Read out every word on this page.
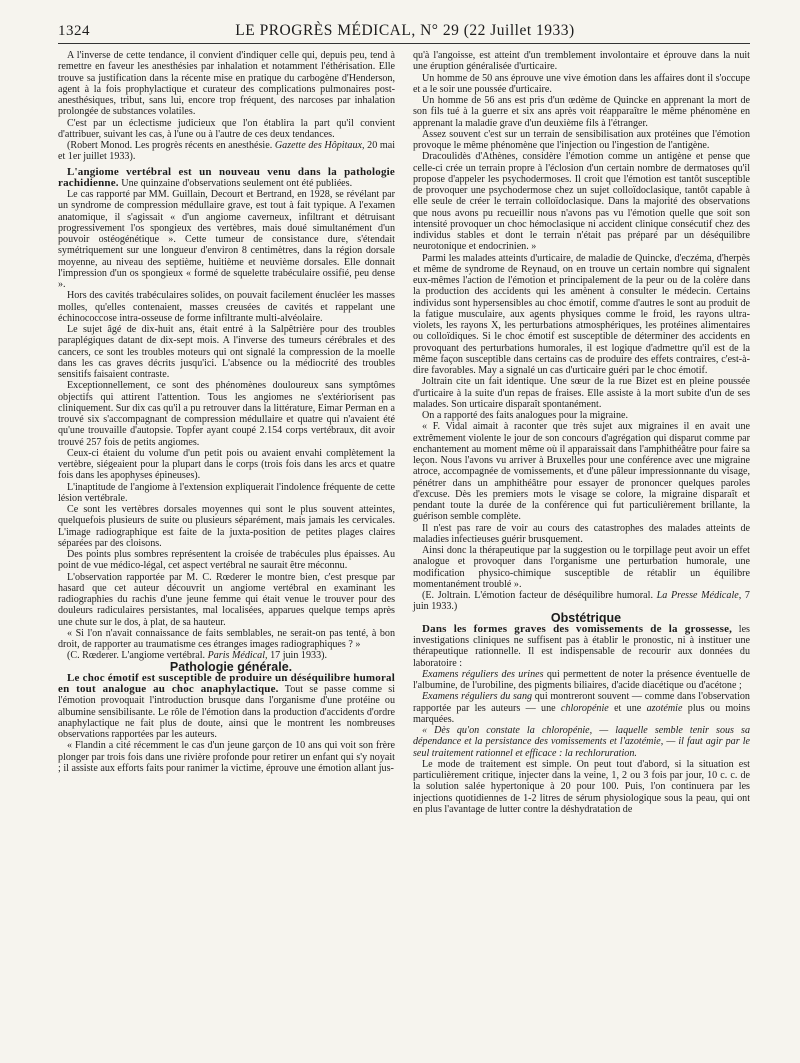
1324	LE PROGRÈS MÉDICAL, N° 29 (22 Juillet 1933)

A l'inverse de cette tendance, il convient d'indiquer celle qui, depuis peu, tend à remettre en faveur les anesthésies par inhalation et notamment l'éthérisation. Elle trouve sa justification dans la récente mise en pratique du carbogène d'Henderson, agent à la fois prophylactique et curateur des complications pulmonaires post-anesthésiques, tribut, sans lui, encore trop fréquent, des narcoses par inhalation prolongée de substances volatiles.

C'est par un éclectisme judicieux que l'on établira la part qu'il convient d'attribuer, suivant les cas, à l'une ou à l'autre de ces deux tendances.

(Robert Monod. Les progrès récents en anesthésie. Gazette des Hôpitaux, 20 mai et 1er juillet 1933).

L'angiome vertébral est un nouveau venu dans la pathologie rachidienne. Une quinzaine d'observations seulement ont été publiées.

Le cas rapporté par MM. Guillain, Decourt et Bertrand, en 1928, se révélant par un syndrome de compression médullaire grave, est tout à fait typique. A l'examen anatomique, il s'agissait « d'un angiome caverneux, infiltrant et détruisant progressivement l'os spongieux des vertèbres, mais doué simultanément d'un pouvoir ostéogénétique ». Cette tumeur de consistance dure, s'étendait symétriquement sur une longueur d'environ 8 centimètres, dans la région dorsale moyenne, au niveau des septième, huitième et neuvième dorsales. Elle donnait l'impression d'un os spongieux « formé de squelette trabéculaire ossifié, peu dense ».

Hors des cavités trabéculaires solides, on pouvait facilement énucléer les masses molles, qu'elles contenaient, masses creusées de cavités et rappelant une échinococcose intra-osseuse de forme infiltrante multi-alvéolaire.

Le sujet âgé de dix-huit ans, était entré à la Salpêtrière pour des troubles paraplégiques datant de dix-sept mois. A l'inverse des tumeurs cérébrales et des cancers, ce sont les troubles moteurs qui ont signalé la compression de la moelle dans les cas graves décrits jusqu'ici. L'absence ou la médiocrité des troubles sensitifs faisaient contraste.

Exceptionnellement, ce sont des phénomènes douloureux sans symptômes objectifs qui attirent l'attention. Tous les angiomes ne s'extériorisent pas cliniquement. Sur dix cas qu'il a pu retrouver dans la littérature, Eimar Perman en a trouvé six s'accompagnant de compression médullaire et quatre qui n'avaient été qu'une trouvaille d'autopsie. Topfer ayant coupé 2.154 corps vertébraux, dit avoir trouvé 257 fois de petits angiomes.

Ceux-ci étaient du volume d'un petit pois ou avaient envahi complètement la vertèbre, siégeaient pour la plupart dans le corps (trois fois dans les arcs et quatre fois dans les apophyses épineuses).

L'inaptitude de l'angiome à l'extension expliquerait l'indolence fréquente de cette lésion vertébrale.

Ce sont les vertèbres dorsales moyennes qui sont le plus souvent atteintes, quelquefois plusieurs de suite ou plusieurs séparément, mais jamais les cervicales. L'image radiographique est faite de la juxta-position de petites plages claires séparées par des cloisons.

Des points plus sombres représentent la croisée de trabécules plus épaisses. Au point de vue médico-légal, cet aspect vertébral ne saurait être méconnu.

L'observation rapportée par M. C. Rœderer le montre bien, c'est presque par hasard que cet auteur découvrit un angiome vertébral en examinant les radiographies du rachis d'une jeune femme qui était venue le trouver pour des douleurs radiculaires persistantes, mal localisées, apparues quelque temps après une chute sur le dos, à plat, de sa hauteur.

« Si l'on n'avait connaissance de faits semblables, ne serait-on pas tenté, à bon droit, de rapporter au traumatisme ces étranges images radiographiques ? »

(C. Rœderer. L'angiome vertébral. Paris Médical, 17 juin 1933).

Pathologie générale.

Le choc émotif est susceptible de produire un déséquilibre humoral en tout analogue au choc anaphylactique. Tout se passe comme si l'émotion provoquait l'introduction brusque dans l'organisme d'une protéine ou albumine sensibilisante. Le rôle de l'émotion dans la production d'accidents d'ordre anaphylactique ne fait plus de doute, ainsi que le montrent les nombreuses observations rapportées par les auteurs.

« Flandin a cité récemment le cas d'un jeune garçon de 10 ans qui voit son frère plonger par trois fois dans une rivière profonde pour retirer un enfant qui s'y noyait ; il assiste aux efforts faits pour ranimer la victime, éprouve une émotion allant jus-

qu'à l'angoisse, est atteint d'un tremblement involontaire et éprouve dans la nuit une éruption généralisée d'urticaire.

Un homme de 50 ans éprouve une vive émotion dans les affaires dont il s'occupe et a le soir une poussée d'urticaire.

Un homme de 56 ans est pris d'un œdème de Quincke en apprenant la mort de son fils tué à la guerre et six ans après voit réapparaître le même phénomène en apprenant la maladie grave d'un deuxième fils à l'étranger.

Assez souvent c'est sur un terrain de sensibilisation aux protéines que l'émotion provoque le même phénomène que l'injection ou l'ingestion de l'antigène.

Dracoulidès d'Athènes, considère l'émotion comme un antigène et pense que celle-ci crée un terrain propre à l'éclosion d'un certain nombre de dermatoses qu'il propose d'appeler les psychodermoses. Il croit que l'émotion est tantôt susceptible de provoquer une psychodermose chez un sujet colloïdoclasique, tantôt capable à elle seule de créer le terrain colloïdoclasique. Dans la majorité des observations que nous avons pu recueillir nous n'avons pas vu l'émotion quelle que soit son intensité provoquer un choc hémoclasique ni accident clinique consécutif chez des individus stables et dont le terrain n'était pas préparé par un déséquilibre neurotonique et endocrinien. »

Parmi les malades atteints d'urticaire, de maladie de Quincke, d'eczéma, d'herpès et même de syndrome de Reynaud, on en trouve un certain nombre qui signalent eux-mêmes l'action de l'émotion et principalement de la peur ou de la colère dans la production des accidents qui les amènent à consulter le médecin. Certains individus sont hypersensibles au choc émotif, comme d'autres le sont au produit de la fatigue musculaire, aux agents physiques comme le froid, les rayons ultra-violets, les rayons X, les perturbations atmosphériques, les protéines alimentaires ou colloïdiques. Si le choc émotif est susceptible de déterminer des accidents en provoquant des perturbations humorales, il est logique d'admettre qu'il est de la même façon susceptible dans certains cas de produire des effets contraires, c'est-à-dire favorables. May a signalé un cas d'urticaire guéri par le choc émotif.

Joltrain cite un fait identique. Une sœur de la rue Bizet est en pleine poussée d'urticaire à la suite d'un repas de fraises. Elle assiste à la mort subite d'un de ses malades. Son urticaire disparaît spontanément.

On a rapporté des faits analogues pour la migraine.

« F. Vidal aimait à raconter que très sujet aux migraines il en avait une extrêmement violente le jour de son concours d'agrégation qui disparut comme par enchantement au moment même où il apparaissait dans l'amphithéâtre pour faire sa leçon. Nous l'avons vu arriver à Bruxelles pour une conférence avec une migraine atroce, accompagnée de vomissements, et d'une pâleur impressionnante du visage, pénétrer dans un amphithéâtre pour essayer de prononcer quelques paroles d'excuse. Dès les premiers mots le visage se colore, la migraine disparaît et pendant toute la durée de la conférence qui fut particulièrement brillante, la guérison semble complète.

Il n'est pas rare de voir au cours des catastrophes des malades atteints de maladies infectieuses guérir brusquement.

Ainsi donc la thérapeutique par la suggestion ou le torpillage peut avoir un effet analogue et provoquer dans l'organisme une perturbation humorale, une modification physico-chimique susceptible de rétablir un équilibre momentanément troublé ».

(E. Joltrain. L'émotion facteur de déséquilibre humoral. La Presse Médicale, 7 juin 1933.)

Obstétrique

Dans les formes graves des vomissements de la grossesse, les investigations cliniques ne suffisent pas à établir le pronostic, ni à instituer une thérapeutique rationnelle. Il est indispensable de recourir aux données du laboratoire :

Examens réguliers des urines qui permettent de noter la présence éventuelle de l'albumine, de l'urobiline, des pigments biliaires, d'acide diacétique ou d'acétone ;

Examens réguliers du sang qui montreront souvent — comme dans l'observation rapportée par les auteurs — une chloropénie et une azotémie plus ou moins marquées.

« Dès qu'on constate la chloropénie, — laquelle semble tenir sous sa dépendance et la persistance des vomissements et l'azotémie, — il faut agir par le seul traitement rationnel et efficace : la rechloruration.

Le mode de traitement est simple. On peut tout d'abord, si la situation est particulièrement critique, injecter dans la veine, 1, 2 ou 3 fois par jour, 10 c. c. de la solution salée hypertonique à 20 pour 100. Puis, l'on continuera par les injections quotidiennes de 1-2 litres de sérum physiologique sous la peau, qui ont en plus l'avantage de lutter contre la déshydratation de
